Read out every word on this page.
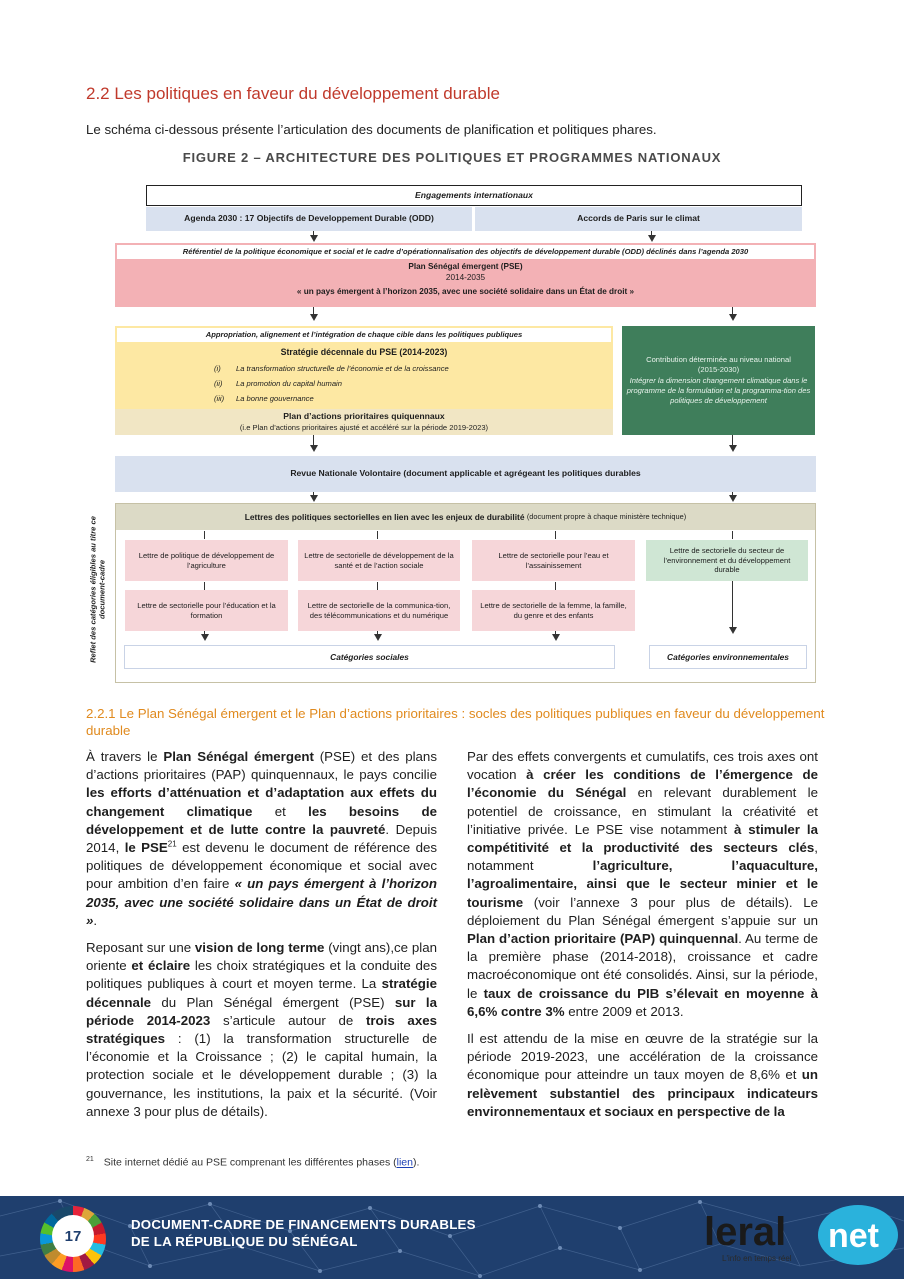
2.2 Les politiques en faveur du développement durable
Le schéma ci-dessous présente l’articulation des documents de planification et politiques phares.
FIGURE 2 – ARCHITECTURE DES POLITIQUES ET PROGRAMMES NATIONAUX
Engagements internationaux
Agenda 2030 : 17 Objectifs de Developpement Durable (ODD)	Accords de Paris sur le climat
Référentiel de la politique économique et social et le cadre d’opérationnalisation des objectifs de développement durable (ODD) déclinés dans l’agenda 2030
Plan Sénégal émergent (PSE)
2014-2035
« un pays émergent à l’horizon 2035, avec une société solidaire dans un État de droit »
Appropriation, alignement et l’intégration de chaque cible dans les politiques publiques
Stratégie décennale du PSE (2014-2023)
(i) La transformation structurelle de l’économie et de la croissance
(ii) La promotion du capital humain
(iii) La bonne gouvernance
Plan d’actions prioritaires quiquennaux
(i.e Plan d’actions prioritaires ajusté et accéléré sur la période 2019-2023)
Contribution déterminée au niveau national
(2015-2030)
Intégrer la dimension changement climatique dans le programme de la formulation et la programma-tion des politiques de développement
Revue Nationale Volontaire (document applicable et agrégeant les politiques durables
Lettres des politiques sectorielles en lien avec les enjeux de durabilité
(document propre à chaque ministère technique)
Lettre de politique de développement de l’agriculture
Lettre de sectorielle de développement de la santé et de l’action sociale
Lettre de sectorielle pour l’eau et l’assainissement
Lettre de sectorielle du secteur de l’environnement et du développement durable
Lettre de sectorielle pour l’éducation et la formation
Lettre de sectorielle de la communica-tion, des télécommunications et du numérique
Lettre de sectorielle de la femme, la famille, du genre et des enfants
Catégories sociales	Catégories environnementales
Reflet des catégories éligibles au titre ce document-cadre
2.2.1 Le Plan Sénégal émergent et le Plan d’actions prioritaires : socles des politiques publiques en faveur du développement durable

À travers le Plan Sénégal émergent (PSE) et des plans d’actions prioritaires (PAP) quinquennaux, le pays concilie les efforts d’atténuation et d’adaptation aux effets du changement climatique et les besoins de développement et de lutte contre la pauvreté. Depuis 2014, le PSE$^{21}$ est devenu le document de référence des politiques de développement économique et social avec pour ambition d’en faire « un pays émergent à l’horizon 2035, avec une société solidaire dans un État de droit ».

Reposant sur une vision de long terme (vingt ans),ce plan oriente et éclaire les choix stratégiques et la conduite des politiques publiques à court et moyen terme. La stratégie décennale du Plan Sénégal émergent (PSE) sur la période 2014-2023 s’articule autour de trois axes stratégiques : (1) la transformation structurelle de l’économie et la Croissance ; (2) le capital humain, la protection sociale et le développement durable ; (3) la gouvernance, les institutions, la paix et la sécurité. (Voir annexe 3 pour plus de détails).

Par des effets convergents et cumulatifs, ces trois axes ont vocation à créer les conditions de l’émergence de l’économie du Sénégal en relevant durablement le potentiel de croissance, en stimulant la créativité et l’initiative privée. Le PSE vise notamment à stimuler la compétitivité et la productivité des secteurs clés, notamment l’agriculture, l’aquaculture, l’agroalimentaire, ainsi que le secteur minier et le tourisme (voir l’annexe 3 pour plus de détails). Le déploiement du Plan Sénégal émergent s’appuie sur un Plan d’action prioritaire (PAP) quinquennal. Au terme de la première phase (2014-2018), croissance et cadre macroéconomique ont été consolidés. Ainsi, sur la période, le taux de croissance du PIB s’élevait en moyenne à 6,6% contre 3% entre 2009 et 2013.

Il est attendu de la mise en œuvre de la stratégie sur la période 2019-2023, une accélération de la croissance économique pour atteindre un taux moyen de 8,6% et un relèvement substantiel des principaux indicateurs environnementaux et sociaux en perspective de la

$^{21}$ Site internet dédié au PSE comprenant les différentes phases (lien).
17
DOCUMENT-CADRE DE FINANCEMENTS DURABLES
DE LA RÉPUBLIQUE DU SÉNÉGAL	leral net
L'info en temps réel
